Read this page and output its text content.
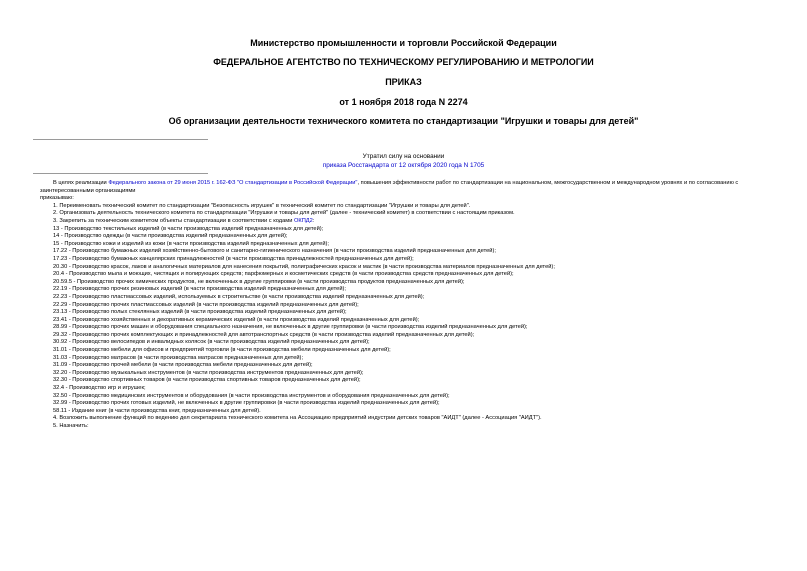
Министерство промышленности и торговли Российской Федерации
ФЕДЕРАЛЬНОЕ АГЕНТСТВО ПО ТЕХНИЧЕСКОМУ РЕГУЛИРОВАНИЮ И МЕТРОЛОГИИ
ПРИКАЗ
от 1 ноября 2018 года N 2274
Об организации деятельности технического комитета по стандартизации "Игрушки и товары для детей"
Утратил силу на основании
приказа Росстандарта от 12 октября 2020 года N 1705

В целях реализации Федерального закона от 29 июня 2015 г. 162-ФЗ "О стандартизации в Российской Федерации", повышения эффективности работ по стандартизации на национальном, межгосударственном и международном уровнях и по согласованию с заинтересованными организациями

приказываю:

1. Переименовать технический комитет по стандартизации "Безопасность игрушек" в технический комитет по стандартизации "Игрушки и товары для детей".

2. Организовать деятельность технического комитета по стандартизации "Игрушки и товары для детей" (далее - технический комитет) в соответствии с настоящим приказом.

3. Закрепить за техническим комитетом объекты стандартизации в соответствии с кодами ОКПД2:

13 - Производство текстильных изделий (в части производства изделий предназначенных для детей);

14 - Производство одежды (в части производства изделий предназначенных для детей);

15 - Производство кожи и изделий из кожи (в части производства изделий предназначенных для детей);

17.22 - Производство бумажных изделий хозяйственно-бытового и санитарно-гигиенического назначения (в части производства изделий предназначенных для детей);

17.23 - Производство бумажных канцелярских принадлежностей (в части производства принадлежностей предназначенных для детей);

20.30 - Производство красок, лаков и аналогичных материалов для нанесения покрытий, полиграфических красок и мастик (в части производства материалов предназначенных для детей);

20.4 - Производство мыла и моющих, чистящих и полирующих средств; парфюмерных и косметических средств (в части производства средств предназначенных для детей);

20.59.5 - Производство прочих химических продуктов, не включенных в другие группировки (в части производства продуктов предназначенных для детей);

22.19 - Производство прочих резиновых изделий (в части производства изделий предназначенных для детей);

22.23 - Производство пластмассовых изделий, используемых в строительстве (в части производства изделий предназначенных для детей);

22.29 - Производство прочих пластмассовых изделий (в части производства изделий предназначенных для детей);

23.13 - Производство полых стеклянных изделий (в части производства изделий предназначенных для детей);

23.41 - Производство хозяйственных и декоративных керамических изделий (в части производства изделий предназначенных для детей);

28.99 - Производство прочих машин и оборудования специального назначения, не включенных в другие группировки (в части производства изделий предназначенных для детей);

29.32 - Производство прочих комплектующих и принадлежностей для автотранспортных средств (в части производства изделий предназначенных для детей);

30.92 - Производство велосипедов и инвалидных колясок (в части производства изделий предназначенных для детей);

31.01 - Производство мебели для офисов и предприятий торговли (в части производства мебели предназначенных для детей);

31.03 - Производство матрасов (в части производства матрасов предназначенных для детей);

31.09 - Производство прочей мебели (в части производства мебели предназначенных для детей);

32.20 - Производство музыкальных инструментов (в части производства инструментов предназначенных для детей);

32.30 - Производство спортивных товаров (в части производства спортивных товаров предназначенных для детей);

32.4 - Производство игр и игрушек;

32.50 - Производство медицинских инструментов и оборудования (в части производства инструментов и оборудования предназначенных для детей);

32.99 - Производство прочих готовых изделий, не включенных в другие группировки (в части производства изделий предназначенных для детей);

58.11 - Издание книг (в части производства книг, предназначенных для детей).

4. Возложить выполнение функций по ведению дел секретариата технического комитета на Ассоциацию предприятий индустрии детских товаров "АИДТ" (далее - Ассоциация "АИДТ").

5. Назначить:
